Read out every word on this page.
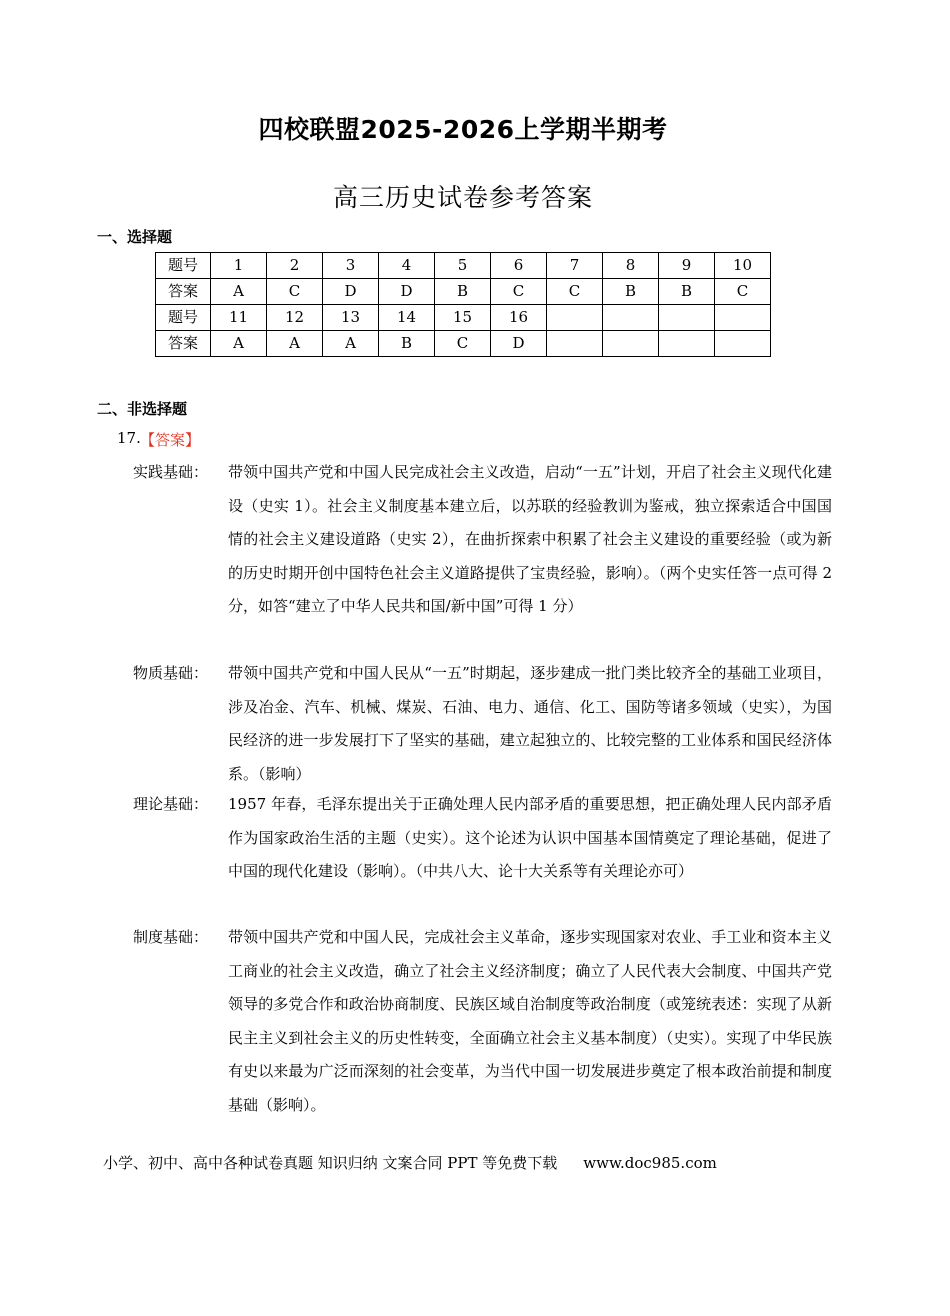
四校联盟2025-2026上学期半期考
高三历史试卷参考答案
一、选择题
题号	1	2	3	4	5	6	7	8	9	10
答案	A	C	D	D	B	C	C	B	B	C
题号	11	12	13	14	15	16				
答案	A	A	A	B	C	D				
二、非选择题
17. 【答案】
实践基础：	带领中国共产党和中国人民完成社会主义改造，启动“一五”计划，开启了社会主义现代化建设（史实 1）。社会主义制度基本建立后，以苏联的经验教训为鉴戒，独立探索适合中国国情的社会主义建设道路（史实 2），在曲折探索中积累了社会主义建设的重要经验（或为新的历史时期开创中国特色社会主义道路提供了宝贵经验，影响）。（两个史实任答一点可得 2 分，如答“建立了中华人民共和国/新中国”可得 1 分）
物质基础：	带领中国共产党和中国人民从“一五”时期起，逐步建成一批门类比较齐全的基础工业项目，涉及冶金、汽车、机械、煤炭、石油、电力、通信、化工、国防等诸多领域（史实），为国民经济的进一步发展打下了坚实的基础，建立起独立的、比较完整的工业体系和国民经济体系。（影响）
理论基础：	1957 年春，毛泽东提出关于正确处理人民内部矛盾的重要思想，把正确处理人民内部矛盾作为国家政治生活的主题（史实）。这个论述为认识中国基本国情奠定了理论基础，促进了中国的现代化建设（影响）。（中共八大、论十大关系等有关理论亦可）
制度基础：	带领中国共产党和中国人民，完成社会主义革命，逐步实现国家对农业、手工业和资本主义工商业的社会主义改造，确立了社会主义经济制度；确立了人民代表大会制度、中国共产党领导的多党合作和政治协商制度、民族区域自治制度等政治制度（或笼统表述：实现了从新民主主义到社会主义的历史性转变，全面确立社会主义基本制度）（史实）。实现了中华民族有史以来最为广泛而深刻的社会变革，为当代中国一切发展进步奠定了根本政治前提和制度基础（影响）。
小学、初中、高中各种试卷真题 知识归纳 文案合同 PPT 等免费下载 www.doc985.com
